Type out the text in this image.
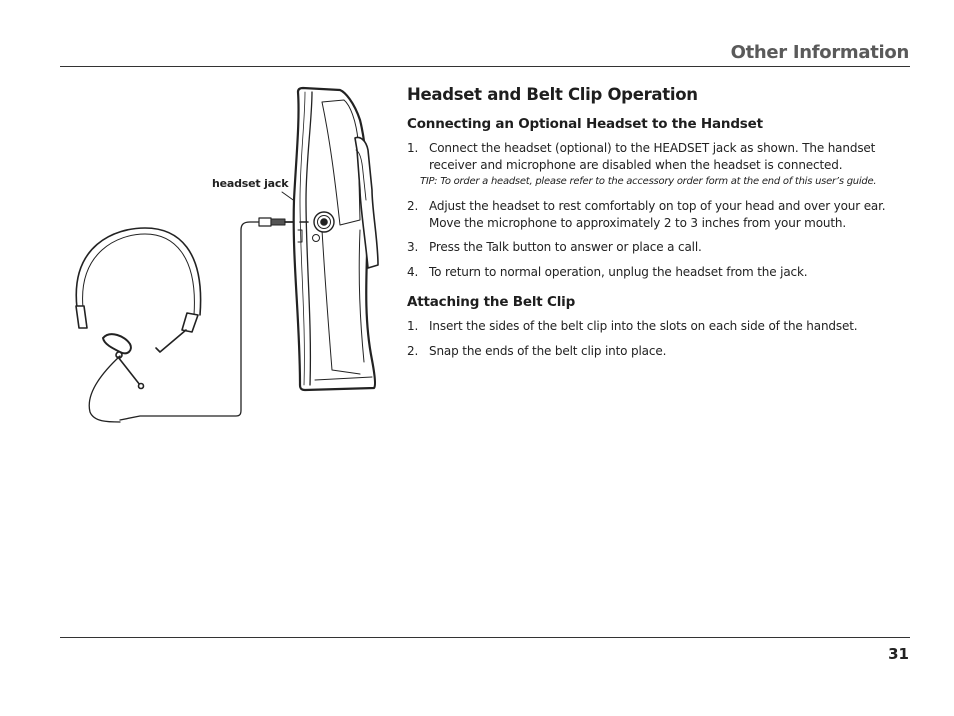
Other Information
headset jack
Headset and Belt Clip Operation
Connecting an Optional Headset to the Handset
1. Connect the headset (optional) to the HEADSET jack as shown. The handset receiver and microphone are disabled when the headset is connected.
TIP: To order a headset, please refer to the accessory order form at the end of this user’s guide.
2. Adjust the headset to rest comfortably on top of your head and over your ear. Move the microphone to approximately 2 to 3 inches from your mouth.
3. Press the Talk button to answer or place a call.
4. To return to normal operation, unplug the headset from the jack.
Attaching the Belt Clip
1. Insert the sides of the belt clip into the slots on each side of the handset.
2. Snap the ends of the belt clip into place.
31
